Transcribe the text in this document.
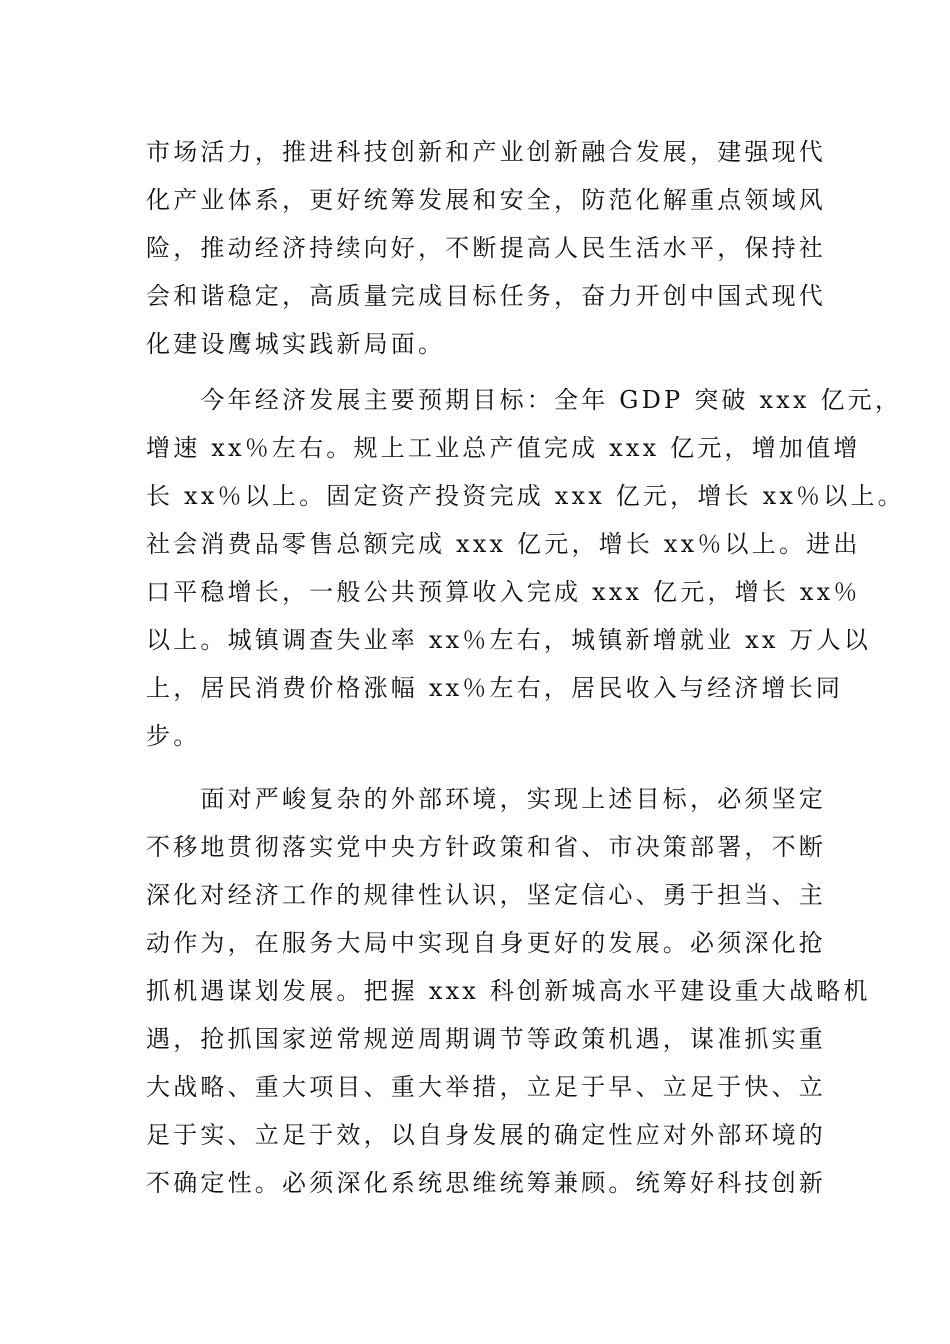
市场活力，推进科技创新和产业创新融合发展，建强现代
化产业体系，更好统筹发展和安全，防范化解重点领域风
险，推动经济持续向好，不断提高人民生活水平，保持社
会和谐稳定，高质量完成目标任务，奋力开创中国式现代
化建设鹰城实践新局面。
　　今年经济发展主要预期目标：全年 GDP 突破 xxx 亿元，
增速 xx％左右。规上工业总产值完成 xxx 亿元，增加值增
长 xx％以上。固定资产投资完成 xxx 亿元，增长 xx％以上。
社会消费品零售总额完成 xxx 亿元，增长 xx％以上。进出
口平稳增长，一般公共预算收入完成 xxx 亿元，增长 xx％
以上。城镇调查失业率 xx％左右，城镇新增就业 xx 万人以
上，居民消费价格涨幅 xx％左右，居民收入与经济增长同
步。
　　面对严峻复杂的外部环境，实现上述目标，必须坚定
不移地贯彻落实党中央方针政策和省、市决策部署，不断
深化对经济工作的规律性认识，坚定信心、勇于担当、主
动作为，在服务大局中实现自身更好的发展。必须深化抢
抓机遇谋划发展。把握 xxx 科创新城高水平建设重大战略机
遇，抢抓国家逆常规逆周期调节等政策机遇，谋准抓实重
大战略、重大项目、重大举措，立足于早、立足于快、立
足于实、立足于效，以自身发展的确定性应对外部环境的
不确定性。必须深化系统思维统筹兼顾。统筹好科技创新
